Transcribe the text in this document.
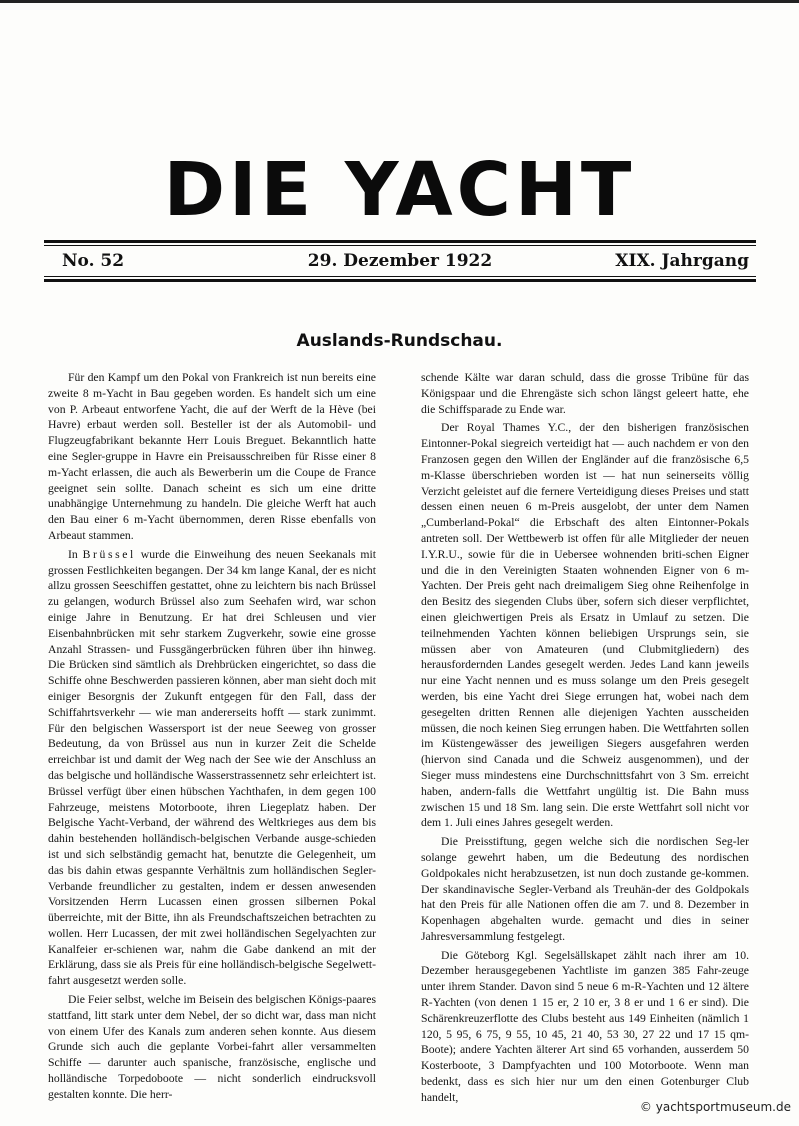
DIE YACHT
No. 52	29. Dezember 1922	XIX. Jahrgang
Auslands-Rundschau.

Für den Kampf um den Pokal von Frankreich ist nun bereits eine zweite 8 m-Yacht in Bau gegeben worden. Es handelt sich um eine von P. Arbeaut entworfene Yacht, die auf der Werft de la Hève (bei Havre) erbaut werden soll. Besteller ist der als Automobil- und Flugzeugfabrikant bekannte Herr Louis Breguet. Bekanntlich hatte eine Segler-gruppe in Havre ein Preisausschreiben für Risse einer 8 m-Yacht erlassen, die auch als Bewerberin um die Coupe de France geeignet sein sollte. Danach scheint es sich um eine dritte unabhängige Unternehmung zu handeln. Die gleiche Werft hat auch den Bau einer 6 m-Yacht übernommen, deren Risse ebenfalls von Arbeaut stammen.

In Brüssel wurde die Einweihung des neuen Seekanals mit grossen Festlichkeiten begangen. Der 34 km lange Kanal, der es nicht allzu grossen Seeschiffen gestattet, ohne zu leichtern bis nach Brüssel zu gelangen, wodurch Brüssel also zum Seehafen wird, war schon einige Jahre in Benutzung. Er hat drei Schleusen und vier Eisenbahnbrücken mit sehr starkem Zugverkehr, sowie eine grosse Anzahl Strassen- und Fussgängerbrücken führen über ihn hinweg. Die Brücken sind sämtlich als Drehbrücken eingerichtet, so dass die Schiffe ohne Beschwerden passieren können, aber man sieht doch mit einiger Besorgnis der Zukunft entgegen für den Fall, dass der Schiffahrtsverkehr — wie man andererseits hofft — stark zunimmt. Für den belgischen Wassersport ist der neue Seeweg von grosser Bedeutung, da von Brüssel aus nun in kurzer Zeit die Schelde erreichbar ist und damit der Weg nach der See wie der Anschluss an das belgische und holländische Wasserstrassennetz sehr erleichtert ist. Brüssel verfügt über einen hübschen Yachthafen, in dem gegen 100 Fahrzeuge, meistens Motorboote, ihren Liegeplatz haben. Der Belgische Yacht-Verband, der während des Weltkrieges aus dem bis dahin bestehenden holländisch-belgischen Verbande ausge-schieden ist und sich selbständig gemacht hat, benutzte die Gelegenheit, um das bis dahin etwas gespannte Verhältnis zum holländischen Segler-Verbande freundlicher zu gestalten, indem er dessen anwesenden Vorsitzenden Herrn Lucassen einen grossen silbernen Pokal überreichte, mit der Bitte, ihn als Freundschaftszeichen betrachten zu wollen. Herr Lucassen, der mit zwei holländischen Segelyachten zur Kanalfeier er-schienen war, nahm die Gabe dankend an mit der Erklärung, dass sie als Preis für eine holländisch-belgische Segelwett-fahrt ausgesetzt werden solle.

Die Feier selbst, welche im Beisein des belgischen Königs-paares stattfand, litt stark unter dem Nebel, der so dicht war, dass man nicht von einem Ufer des Kanals zum anderen sehen konnte. Aus diesem Grunde sich auch die geplante Vorbei-fahrt aller versammelten Schiffe — darunter auch spanische, französische, englische und holländische Torpedoboote — nicht sonderlich eindrucksvoll gestalten konnte. Die herr-

schende Kälte war daran schuld, dass die grosse Tribüne für das Königspaar und die Ehrengäste sich schon längst geleert hatte, ehe die Schiffsparade zu Ende war.

Der Royal Thames Y.C., der den bisherigen französischen Eintonner-Pokal siegreich verteidigt hat — auch nachdem er von den Franzosen gegen den Willen der Engländer auf die französische 6,5 m-Klasse überschrieben worden ist — hat nun seinerseits völlig Verzicht geleistet auf die fernere Verteidigung dieses Preises und statt dessen einen neuen 6 m-Preis ausgelobt, der unter dem Namen „Cumberland-Pokal“ die Erbschaft des alten Eintonner-Pokals antreten soll. Der Wettbewerb ist offen für alle Mitglieder der neuen I.Y.R.U., sowie für die in Uebersee wohnenden briti-schen Eigner und die in den Vereinigten Staaten wohnenden Eigner von 6 m-Yachten. Der Preis geht nach dreimaligem Sieg ohne Reihenfolge in den Besitz des siegenden Clubs über, sofern sich dieser verpflichtet, einen gleichwertigen Preis als Ersatz in Umlauf zu setzen. Die teilnehmenden Yachten können beliebigen Ursprungs sein, sie müssen aber von Amateuren (und Clubmitgliedern) des herausfordernden Landes gesegelt werden. Jedes Land kann jeweils nur eine Yacht nennen und es muss solange um den Preis gesegelt werden, bis eine Yacht drei Siege errungen hat, wobei nach dem gesegelten dritten Rennen alle diejenigen Yachten ausscheiden müssen, die noch keinen Sieg errungen haben. Die Wettfahrten sollen im Küstengewässer des jeweiligen Siegers ausgefahren werden (hiervon sind Canada und die Schweiz ausgenommen), und der Sieger muss mindestens eine Durchschnittsfahrt von 3 Sm. erreicht haben, andern-falls die Wettfahrt ungültig ist. Die Bahn muss zwischen 15 und 18 Sm. lang sein. Die erste Wettfahrt soll nicht vor dem 1. Juli eines Jahres gesegelt werden.

Die Preisstiftung, gegen welche sich die nordischen Seg-ler solange gewehrt haben, um die Bedeutung des nordischen Goldpokales nicht herabzusetzen, ist nun doch zustande ge-kommen. Der skandinavische Segler-Verband als Treuhän-der des Goldpokals hat den Preis für alle Nationen offen die am 7. und 8. Dezember in Kopenhagen abgehalten wurde. gemacht und dies in seiner Jahresversammlung festgelegt.

Die Göteborg Kgl. Segelsällskapet zählt nach ihrer am 10. Dezember herausgegebenen Yachtliste im ganzen 385 Fahr-zeuge unter ihrem Stander. Davon sind 5 neue 6 m-R-Yachten und 12 ältere R-Yachten (von denen 1 15 er, 2 10 er, 3 8 er und 1 6 er sind). Die Schärenkreuzerflotte des Clubs besteht aus 149 Einheiten (nämlich 1 120, 5 95, 6 75, 9 55, 10 45, 21 40, 53 30, 27 22 und 17 15 qm-Boote); andere Yachten älterer Art sind 65 vorhanden, ausserdem 50 Kosterboote, 3 Dampfyachten und 100 Motorboote. Wenn man bedenkt, dass es sich hier nur um den einen Gotenburger Club handelt,

© yachtsportmuseum.de
